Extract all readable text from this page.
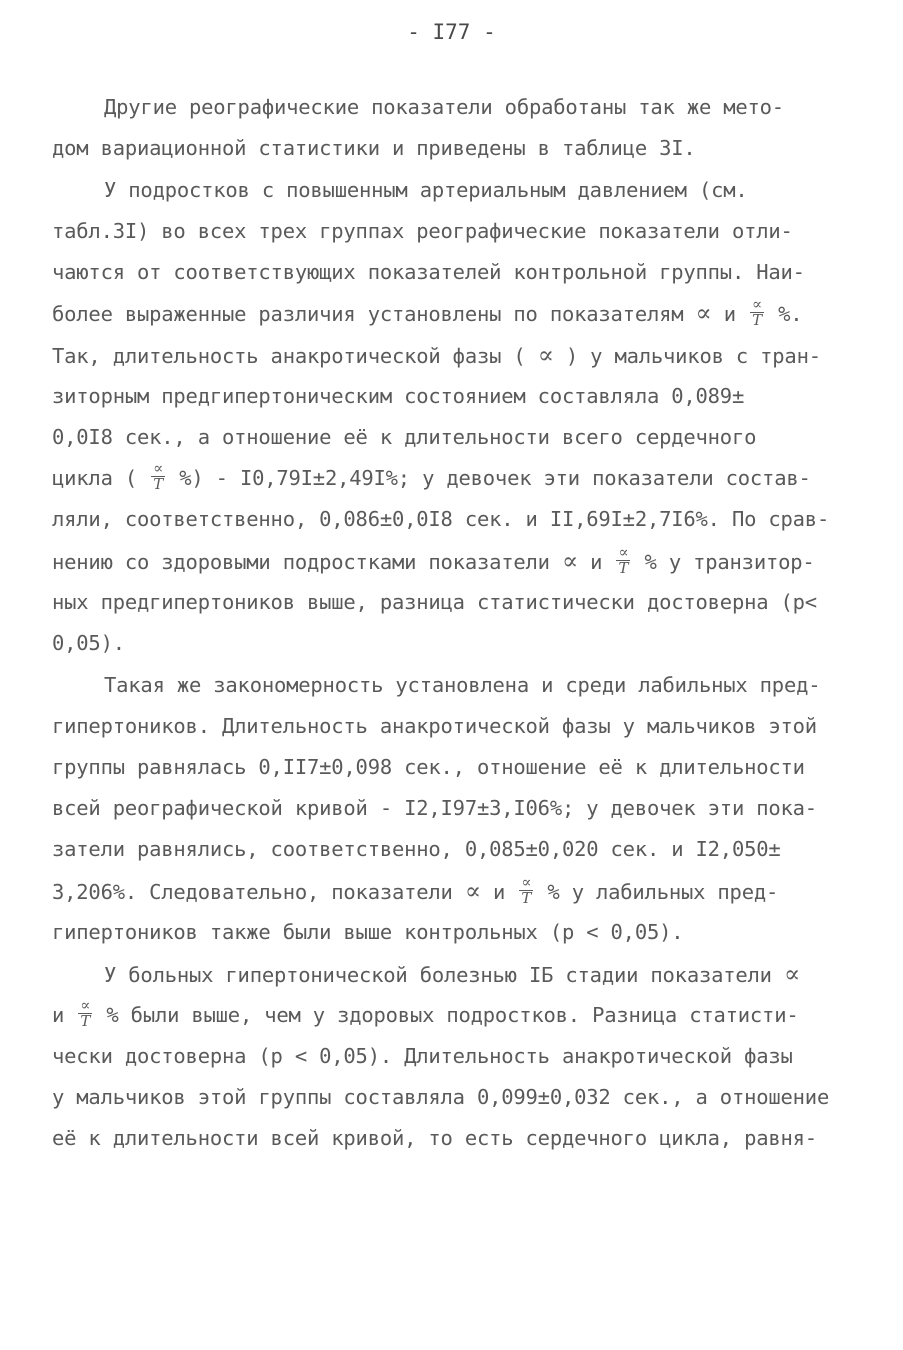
- I77 -
Другие реографические показатели обработаны так же мето-
дом вариационной статистики и приведены в таблице 3I.
У подростков с повышенным артериальным давлением (см.
табл.3I) во всех трех группах реографические показатели отли-
чаются от соответствующих показателей контрольной группы. Наи-
более выраженные различия установлены по показателям ∝ и $\frac{\propto}{T}$ %.
Так, длительность анакротической фазы ( ∝ ) у мальчиков с тран-
зиторным предгипертоническим состоянием составляла 0,089±
0,0I8 сек., а отношение её к длительности всего сердечного
цикла ( $\frac{\propto}{T}$ %) - I0,79I±2,49I%; у девочек эти показатели состав-
ляли, соответственно, 0,086±0,0I8 сек. и II,69I±2,7I6%. По срав-
нению со здоровыми подростками показатели ∝ и $\frac{\propto}{T}$ % у транзитор-
ных предгипертоников выше, разница статистически достоверна (р<
0,05).
Такая же закономерность установлена и среди лабильных пред-
гипертоников. Длительность анакротической фазы у мальчиков этой
группы равнялась 0,II7±0,098 сек., отношение её к длительности
всей реографической кривой - I2,I97±3,I06%; у девочек эти пока-
затели равнялись, соответственно, 0,085±0,020 сек. и I2,050±
3,206%. Следовательно, показатели ∝ и $\frac{\propto}{T}$ % у лабильных пред-
гипертоников также были выше контрольных (р < 0,05).
У больных гипертонической болезнью IБ стадии показатели ∝
и $\frac{\propto}{T}$ % были выше, чем у здоровых подростков. Разница статисти-
чески достоверна (р < 0,05). Длительность анакротической фазы
у мальчиков этой группы составляла 0,099±0,032 сек., а отношение
её к длительности всей кривой, то есть сердечного цикла, равня-
